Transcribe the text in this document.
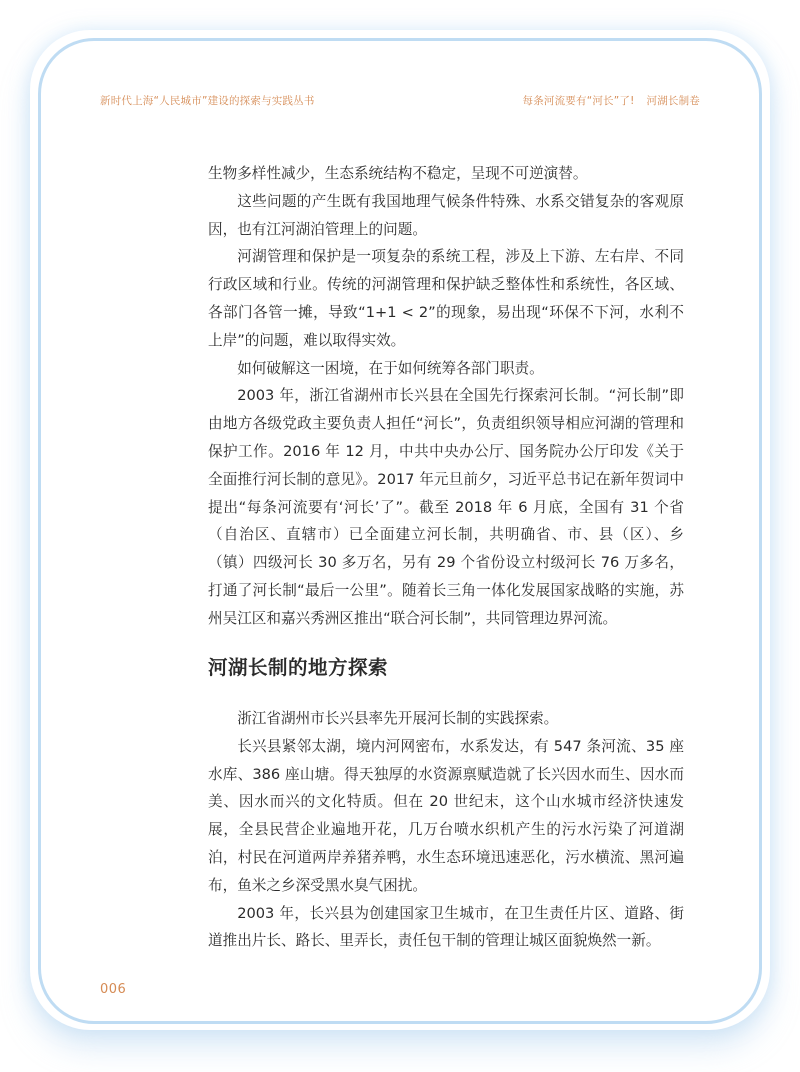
新时代上海“人民城市”建设的探索与实践丛书	每条河流要有“河长”了! 河湖长制卷

生物多样性减少，生态系统结构不稳定，呈现不可逆演替。

这些问题的产生既有我国地理气候条件特殊、水系交错复杂的客观原因，也有江河湖泊管理上的问题。

河湖管理和保护是一项复杂的系统工程，涉及上下游、左右岸、不同行政区域和行业。传统的河湖管理和保护缺乏整体性和系统性，各区域、各部门各管一摊，导致“1+1 < 2”的现象，易出现“环保不下河，水利不上岸”的问题，难以取得实效。

如何破解这一困境，在于如何统筹各部门职责。

2003 年，浙江省湖州市长兴县在全国先行探索河长制。“河长制”即由地方各级党政主要负责人担任“河长”，负责组织领导相应河湖的管理和保护工作。2016 年 12 月，中共中央办公厅、国务院办公厅印发《关于全面推行河长制的意见》。2017 年元旦前夕，习近平总书记在新年贺词中提出“每条河流要有‘河长’了”。截至 2018 年 6 月底，全国有 31 个省（自治区、直辖市）已全面建立河长制，共明确省、市、县（区）、乡（镇）四级河长 30 多万名，另有 29 个省份设立村级河长 76 万多名，打通了河长制“最后一公里”。随着长三角一体化发展国家战略的实施，苏州吴江区和嘉兴秀洲区推出“联合河长制”，共同管理边界河流。

河湖长制的地方探索

浙江省湖州市长兴县率先开展河长制的实践探索。

长兴县紧邻太湖，境内河网密布，水系发达，有 547 条河流、35 座水库、386 座山塘。得天独厚的水资源禀赋造就了长兴因水而生、因水而美、因水而兴的文化特质。但在 20 世纪末，这个山水城市经济快速发展，全县民营企业遍地开花，几万台喷水织机产生的污水污染了河道湖泊，村民在河道两岸养猪养鸭，水生态环境迅速恶化，污水横流、黑河遍布，鱼米之乡深受黑水臭气困扰。

2003 年，长兴县为创建国家卫生城市，在卫生责任片区、道路、街道推出片长、路长、里弄长，责任包干制的管理让城区面貌焕然一新。

006
